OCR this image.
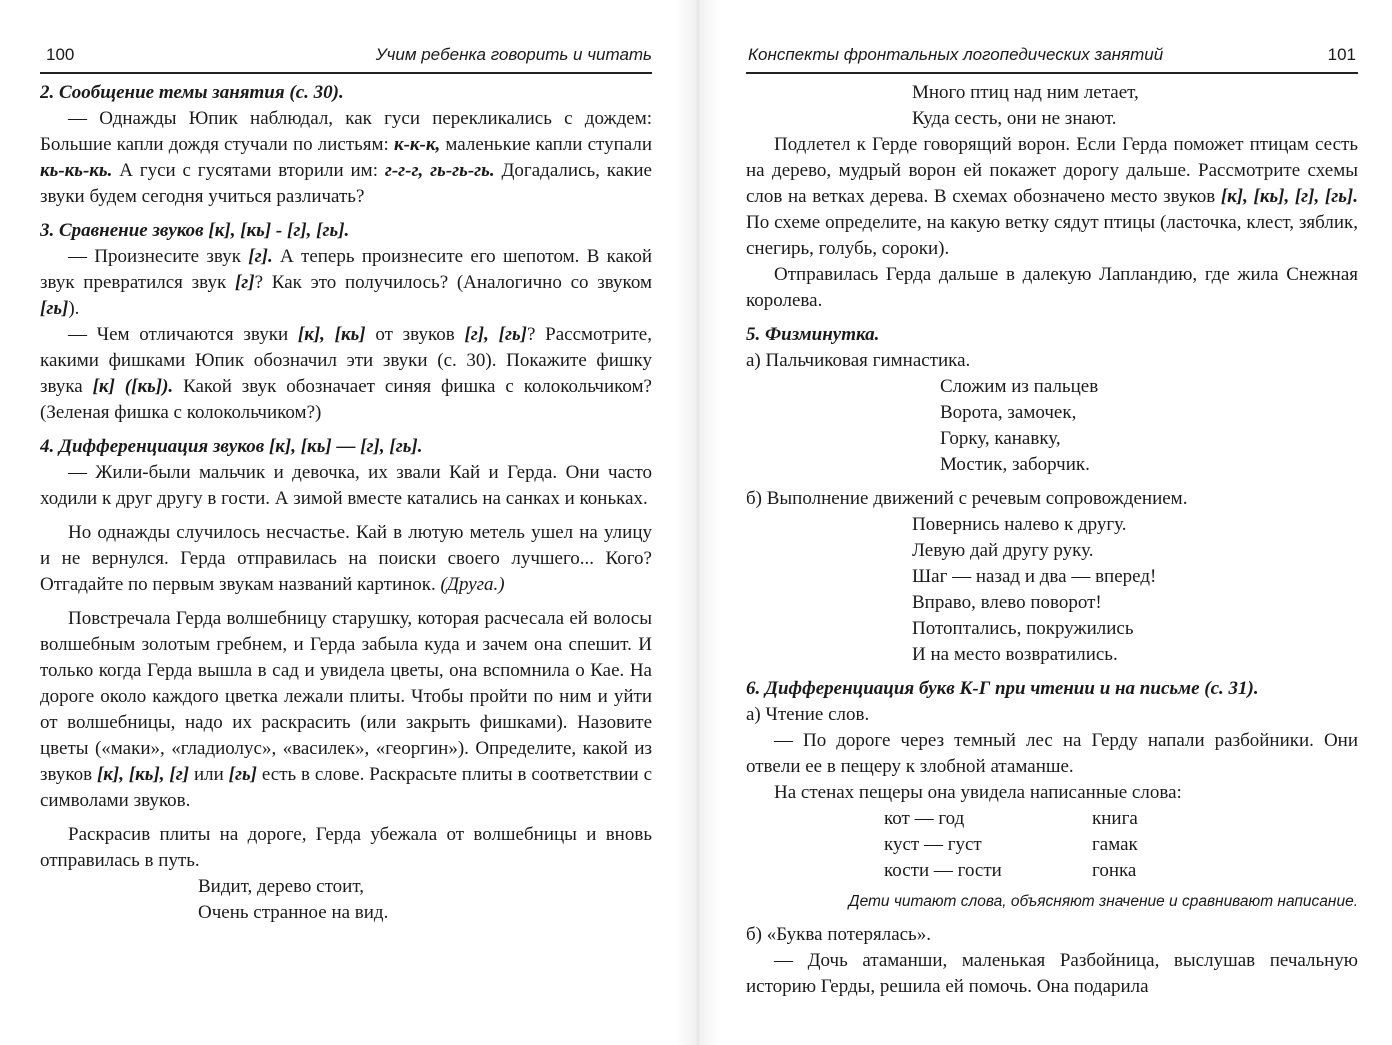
100	Учим ребенка говорить и читать

2. Сообщение темы занятия (с. 30).

— Однажды Юпик наблюдал, как гуси перекликались с дождем: Большие капли дождя стучали по листьям: к-к-к, маленькие капли ступали кь-кь-кь. А гуси с гусятами вторили им: г-г-г, гь-гь-гь. Догадались, какие звуки будем сегодня учиться различать?

3. Сравнение звуков [к], [кь] - [г], [гь].

— Произнесите звук [г]. А теперь произнесите его шепотом. В какой звук превратился звук [г]? Как это получилось? (Аналогично со звуком [гь]).

— Чем отличаются звуки [к], [кь] от звуков [г], [гь]? Рассмотрите, какими фишками Юпик обозначил эти звуки (с. 30). Покажите фишку звука [к] ([кь]). Какой звук обозначает синяя фишка с колокольчиком? (Зеленая фишка с колокольчиком?)

4. Дифференциация звуков [к], [кь] — [г], [гь].

— Жили-были мальчик и девочка, их звали Кай и Герда. Они часто ходили к друг другу в гости. А зимой вместе катались на санках и коньках.

Но однажды случилось несчастье. Кай в лютую метель ушел на улицу и не вернулся. Герда отправилась на поиски своего лучшего... Кого? Отгадайте по первым звукам названий картинок. (Друга.)

Повстречала Герда волшебницу старушку, которая расчесала ей волосы волшебным золотым гребнем, и Герда забыла куда и зачем она спешит. И только когда Герда вышла в сад и увидела цветы, она вспомнила о Кае. На дороге около каждого цветка лежали плиты. Чтобы пройти по ним и уйти от волшебницы, надо их раскрасить (или закрыть фишками). Назовите цветы («маки», «гладиолус», «василек», «георгин»). Определите, какой из звуков [к], [кь], [г] или [гь] есть в слове. Раскрасьте плиты в соответствии с символами звуков.

Раскрасив плиты на дороге, Герда убежала от волшебницы и вновь отправилась в путь.

Видит, дерево стоит,

Очень странное на вид.

Конспекты фронтальных логопедических занятий	101

Много птиц над ним летает,

Куда сесть, они не знают.

Подлетел к Герде говорящий ворон. Если Герда поможет птицам сесть на дерево, мудрый ворон ей покажет дорогу дальше. Рассмотрите схемы слов на ветках дерева. В схемах обозначено место звуков [к], [кь], [г], [гь]. По схеме определите, на какую ветку сядут птицы (ласточка, клест, зяблик, снегирь, голубь, сороки).

Отправилась Герда дальше в далекую Лапландию, где жила Снежная королева.

5. Физминутка.

а) Пальчиковая гимнастика.

Сложим из пальцев

Ворота, замочек,

Горку, канавку,

Мостик, заборчик.

б) Выполнение движений с речевым сопровождением.

Повернись налево к другу.

Левую дай другу руку.

Шаг — назад и два — вперед!

Вправо, влево поворот!

Потоптались, покружились

И на место возвратились.

6. Дифференциация букв К-Г при чтении и на письме (с. 31).

а) Чтение слов.

— По дороге через темный лес на Герду напали разбойники. Они отвели ее в пещеру к злобной атаманше.

На стенах пещеры она увидела написанные слова:

кот — год	книга
куст — густ	гамак
кости — гости	гонка

Дети читают слова, объясняют значение и сравнивают написание.

б) «Буква потерялась».

— Дочь атаманши, маленькая Разбойница, выслушав печальную историю Герды, решила ей помочь. Она подарила
